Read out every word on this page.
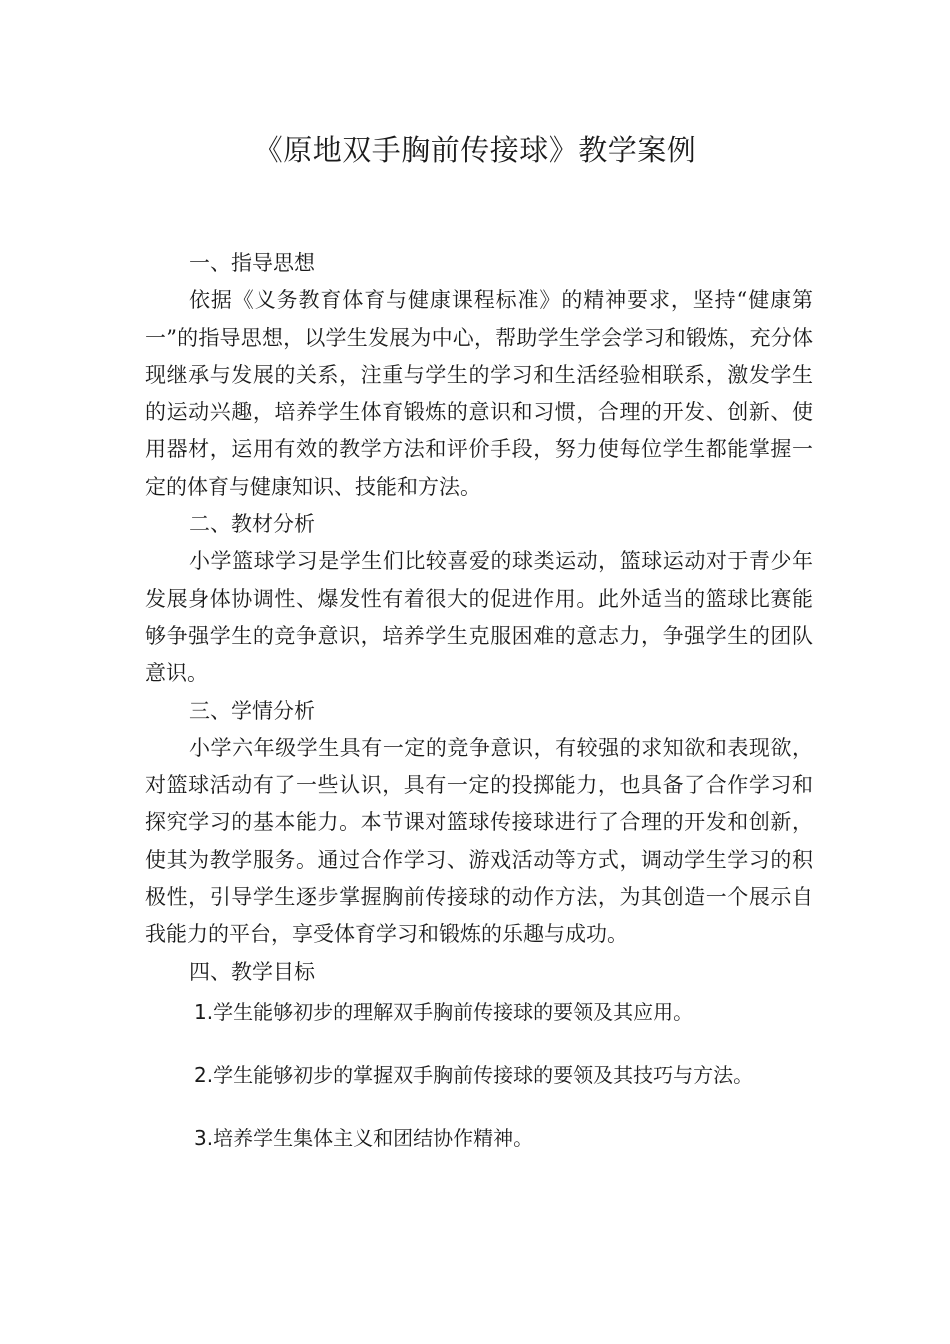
《原地双手胸前传接球》教学案例
一、指导思想
依据《义务教育体育与健康课程标准》的精神要求，坚持“健康第一”的指导思想，以学生发展为中心，帮助学生学会学习和锻炼，充分体现继承与发展的关系，注重与学生的学习和生活经验相联系，激发学生的运动兴趣，培养学生体育锻炼的意识和习惯，合理的开发、创新、使用器材，运用有效的教学方法和评价手段，努力使每位学生都能掌握一定的体育与健康知识、技能和方法。
二、教材分析
小学篮球学习是学生们比较喜爱的球类运动，篮球运动对于青少年发展身体协调性、爆发性有着很大的促进作用。此外适当的篮球比赛能够争强学生的竞争意识，培养学生克服困难的意志力，争强学生的团队意识。
三、学情分析
小学六年级学生具有一定的竞争意识，有较强的求知欲和表现欲，对篮球活动有了一些认识，具有一定的投掷能力，也具备了合作学习和探究学习的基本能力。本节课对篮球传接球进行了合理的开发和创新，使其为教学服务。通过合作学习、游戏活动等方式，调动学生学习的积极性，引导学生逐步掌握胸前传接球的动作方法，为其创造一个展示自我能力的平台，享受体育学习和锻炼的乐趣与成功。
四、教学目标
1.学生能够初步的理解双手胸前传接球的要领及其应用。
2.学生能够初步的掌握双手胸前传接球的要领及其技巧与方法。
3.培养学生集体主义和团结协作精神。
